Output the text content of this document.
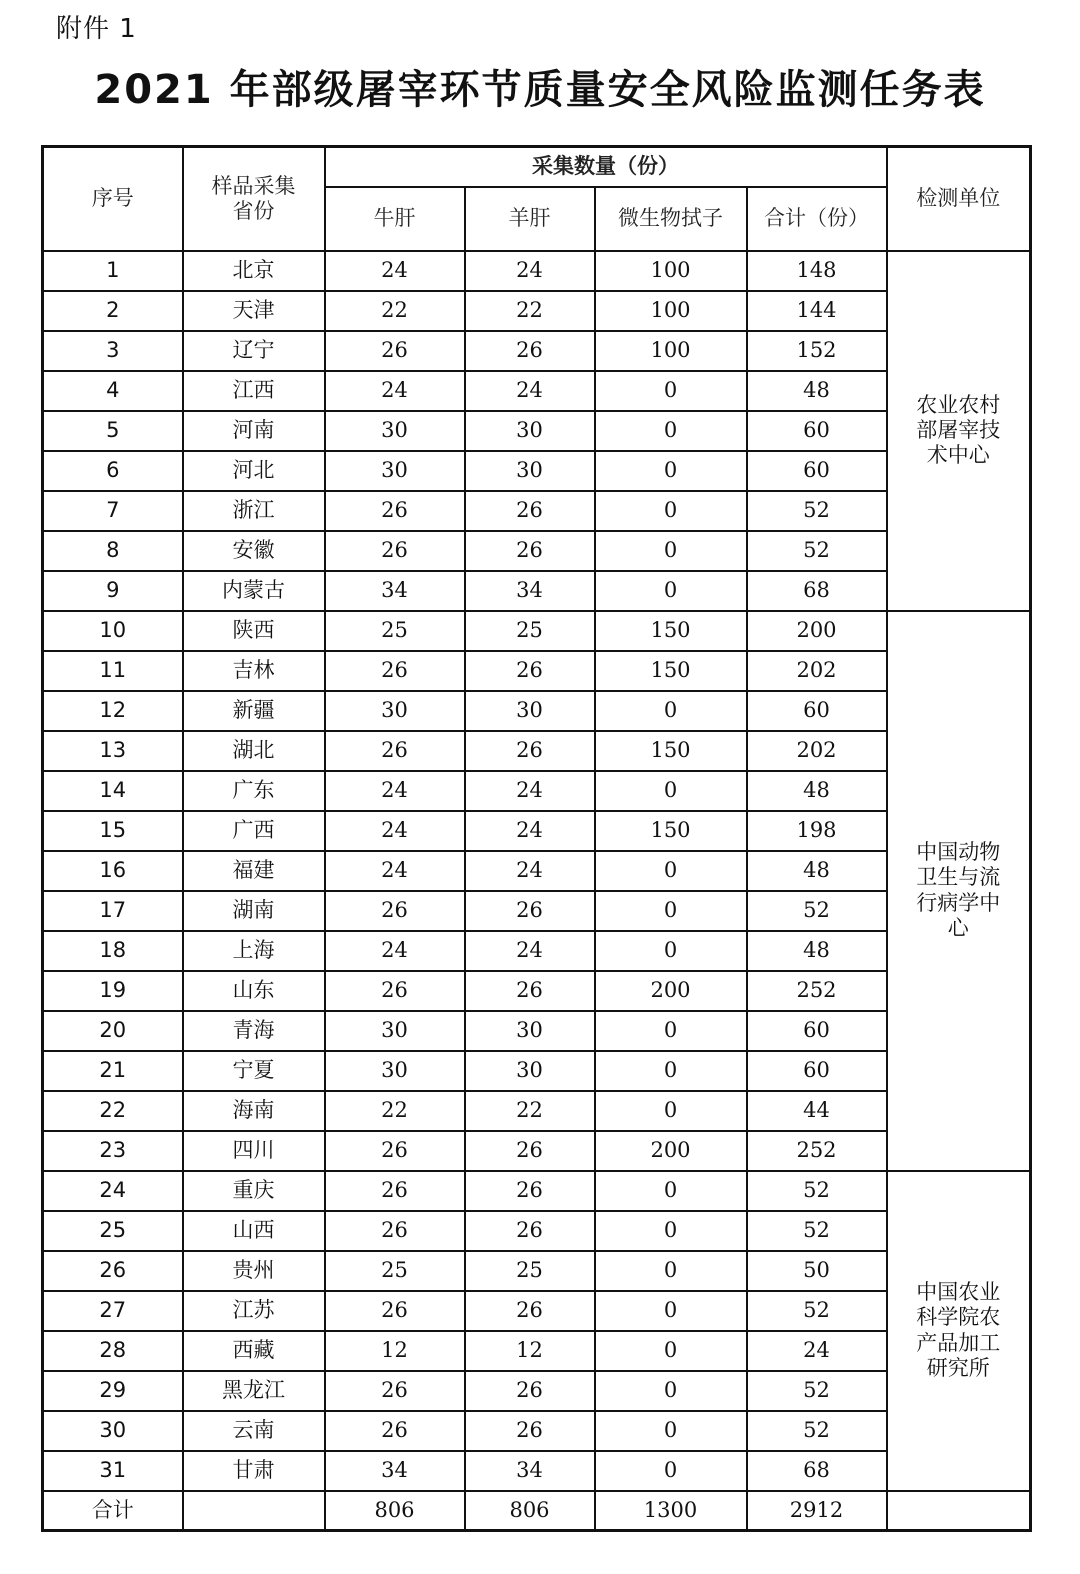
附件 1
2021 年部级屠宰环节质量安全风险监测任务表
序号	样品采集省份	采集数量（份）				检测单位
		牛肝	羊肝	微生物拭子	合计（份）	
1	北京	24	24	100	148	农业农村部屠宰技术中心
2	天津	22	22	100	144	
3	辽宁	26	26	100	152	
4	江西	24	24	0	48	
5	河南	30	30	0	60	
6	河北	30	30	0	60	
7	浙江	26	26	0	52	
8	安徽	26	26	0	52	
9	内蒙古	34	34	0	68	
10	陕西	25	25	150	200	中国动物卫生与流行病学中心
11	吉林	26	26	150	202	
12	新疆	30	30	0	60	
13	湖北	26	26	150	202	
14	广东	24	24	0	48	
15	广西	24	24	150	198	
16	福建	24	24	0	48	
17	湖南	26	26	0	52	
18	上海	24	24	0	48	
19	山东	26	26	200	252	
20	青海	30	30	0	60	
21	宁夏	30	30	0	60	
22	海南	22	22	0	44	
23	四川	26	26	200	252	
24	重庆	26	26	0	52	中国农业科学院农产品加工研究所
25	山西	26	26	0	52	
26	贵州	25	25	0	50	
27	江苏	26	26	0	52	
28	西藏	12	12	0	24	
29	黑龙江	26	26	0	52	
30	云南	26	26	0	52	
31	甘肃	34	34	0	68	
合计		806	806	1300	2912	
